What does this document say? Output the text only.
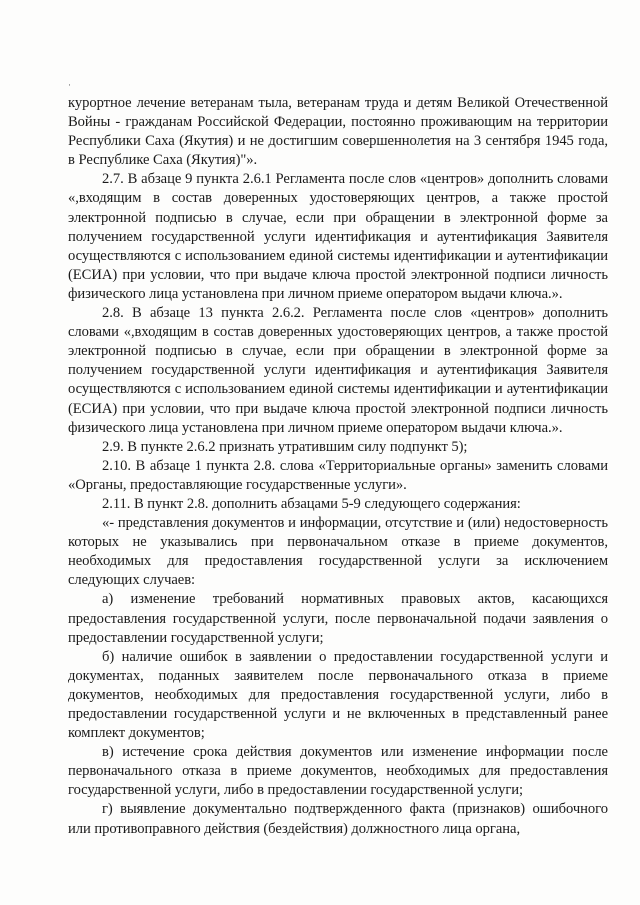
·

курортное лечение ветеранам тыла, ветеранам труда и детям Великой Отечественной Войны - гражданам Российской Федерации, постоянно проживающим на территории Республики Саха (Якутия) и не достигшим совершеннолетия на 3 сентября 1945 года, в Республике Саха (Якутия)"».

2.7. В абзаце 9 пункта 2.6.1 Регламента после слов «центров» дополнить словами «,входящим в состав доверенных удостоверяющих центров, а также простой электронной подписью в случае, если при обращении в электронной форме за получением государственной услуги идентификация и аутентификация Заявителя осуществляются с использованием единой системы идентификации и аутентификации (ЕСИА) при условии, что при выдаче ключа простой электронной подписи личность физического лица установлена при личном приеме оператором выдачи ключа.».

2.8. В абзаце 13 пункта 2.6.2. Регламента после слов «центров» дополнить словами «,входящим в состав доверенных удостоверяющих центров, а также простой электронной подписью в случае, если при обращении в электронной форме за получением государственной услуги идентификация и аутентификация Заявителя осуществляются с использованием единой системы идентификации и аутентификации (ЕСИА) при условии, что при выдаче ключа простой электронной подписи личность физического лица установлена при личном приеме оператором выдачи ключа.».

2.9. В пункте 2.6.2 признать утратившим силу подпункт 5);

2.10. В абзаце 1 пункта 2.8. слова «Территориальные органы» заменить словами «Органы, предоставляющие государственные услуги».

2.11. В пункт 2.8. дополнить абзацами 5-9 следующего содержания:

«- представления документов и информации, отсутствие и (или) недостоверность которых не указывались при первоначальном отказе в приеме документов, необходимых для предоставления государственной услуги за исключением следующих случаев:

а) изменение требований нормативных правовых актов, касающихся предоставления государственной услуги, после первоначальной подачи заявления о предоставлении государственной услуги;

б) наличие ошибок в заявлении о предоставлении государственной услуги и документах, поданных заявителем после первоначального отказа в приеме документов, необходимых для предоставления государственной услуги, либо в предоставлении государственной услуги и не включенных в представленный ранее комплект документов;

в) истечение срока действия документов или изменение информации после первоначального отказа в приеме документов, необходимых для предоставления государственной услуги, либо в предоставлении государственной услуги;

г) выявление документально подтвержденного факта (признаков) ошибочного или противоправного действия (бездействия) должностного лица органа,
